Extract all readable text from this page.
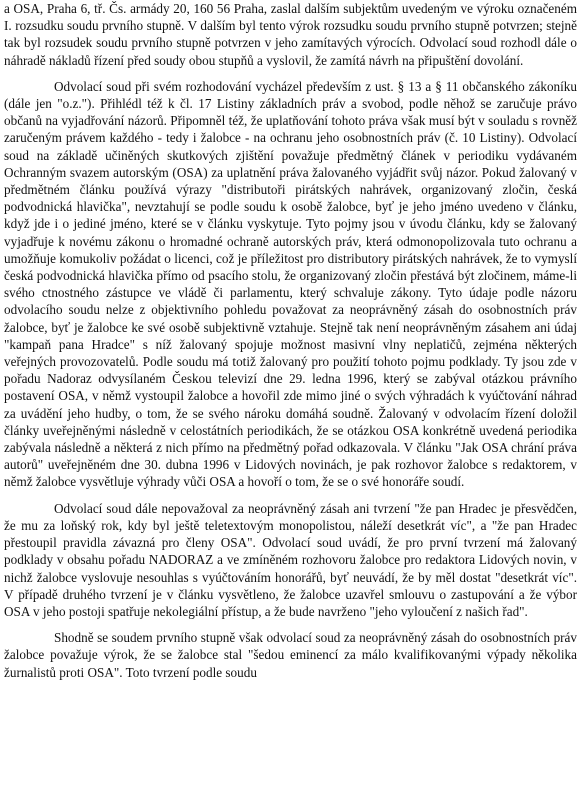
a OSA, Praha 6, tř. Čs. armády 20, 160 56 Praha, zaslal dalším subjektům uvedeným ve výroku označeném I. rozsudku soudu prvního stupně. V dalším byl tento výrok rozsudku soudu prvního stupně potvrzen; stejně tak byl rozsudek soudu prvního stupně potvrzen v jeho zamítavých výrocích. Odvolací soud rozhodl dále o náhradě nákladů řízení před soudy obou stupňů a vyslovil, že zamítá návrh na připuštění dovolání.

Odvolací soud při svém rozhodování vycházel především z ust. § 13 a § 11 občanského zákoníku (dále jen "o.z."). Přihlédl též k čl. 17 Listiny základních práv a svobod, podle něhož se zaručuje právo občanů na vyjadřování názorů. Připomněl též, že uplatňování tohoto práva však musí být v souladu s rovněž zaručeným právem každého - tedy i žalobce - na ochranu jeho osobnostních práv (č. 10 Listiny). Odvolací soud na základě učiněných skutkových zjištění považuje předmětný článek v periodiku vydávaném Ochranným svazem autorským (OSA) za uplatnění práva žalovaného vyjádřit svůj názor. Pokud žalovaný v předmětném článku používá výrazy "distributoři pirátských nahrávek, organizovaný zločin, česká podvodnická hlavička", nevztahují se podle soudu k osobě žalobce, byť je jeho jméno uvedeno v článku, když jde i o jediné jméno, které se v článku vyskytuje. Tyto pojmy jsou v úvodu článku, kdy se žalovaný vyjadřuje k novému zákonu o hromadné ochraně autorských práv, která odmonopolizovala tuto ochranu a umožňuje komukoliv požádat o licenci, což je příležitost pro distributory pirátských nahrávek, že to vymyslí česká podvodnická hlavička přímo od psacího stolu, že organizovaný zločin přestává být zločinem, máme-li svého ctnostného zástupce ve vládě či parlamentu, který schvaluje zákony. Tyto údaje podle názoru odvolacího soudu nelze z objektivního pohledu považovat za neoprávněný zásah do osobnostních práv žalobce, byť je žalobce ke své osobě subjektivně vztahuje. Stejně tak není neoprávněným zásahem ani údaj "kampaň pana Hradce" s níž žalovaný spojuje možnost masivní vlny neplatičů, zejména některých veřejných provozovatelů. Podle soudu má totiž žalovaný pro použití tohoto pojmu podklady. Ty jsou zde v pořadu Nadoraz odvysílaném Českou televizí dne 29. ledna 1996, který se zabýval otázkou právního postavení OSA, v němž vystoupil žalobce a hovořil zde mimo jiné o svých výhradách k vyúčtování náhrad za uvádění jeho hudby, o tom, že se svého nároku domáhá soudně. Žalovaný v odvolacím řízení doložil články uveřejněnými následně v celostátních periodikách, že se otázkou OSA konkrétně uvedená periodika zabývala následně a některá z nich přímo na předmětný pořad odkazovala. V článku "Jak OSA chrání práva autorů" uveřejněném dne 30. dubna 1996 v Lidových novinách, je pak rozhovor žalobce s redaktorem, v němž žalobce vysvětluje výhrady vůči OSA a hovoří o tom, že se o své honoráře soudí.

Odvolací soud dále nepovažoval za neoprávněný zásah ani tvrzení "že pan Hradec je přesvědčen, že mu za loňský rok, kdy byl ještě teletextovým monopolistou, náleží desetkrát víc", a "že pan Hradec přestoupil pravidla závazná pro členy OSA". Odvolací soud uvádí, že pro první tvrzení má žalovaný podklady v obsahu pořadu NADORAZ a ve zmíněném rozhovoru žalobce pro redaktora Lidových novin, v nichž žalobce vyslovuje nesouhlas s vyúčtováním honorářů, byť neuvádí, že by měl dostat "desetkrát víc". V případě druhého tvrzení je v článku vysvětleno, že žalobce uzavřel smlouvu o zastupování a že výbor OSA v jeho postoji spatřuje nekolegiální přístup, a že bude navrženo "jeho vyloučení z našich řad".

Shodně se soudem prvního stupně však odvolací soud za neoprávněný zásah do osobnostních práv žalobce považuje výrok, že se žalobce stal "šedou eminencí za málo kvalifikovanými výpady několika žurnalistů proti OSA". Toto tvrzení podle soudu
